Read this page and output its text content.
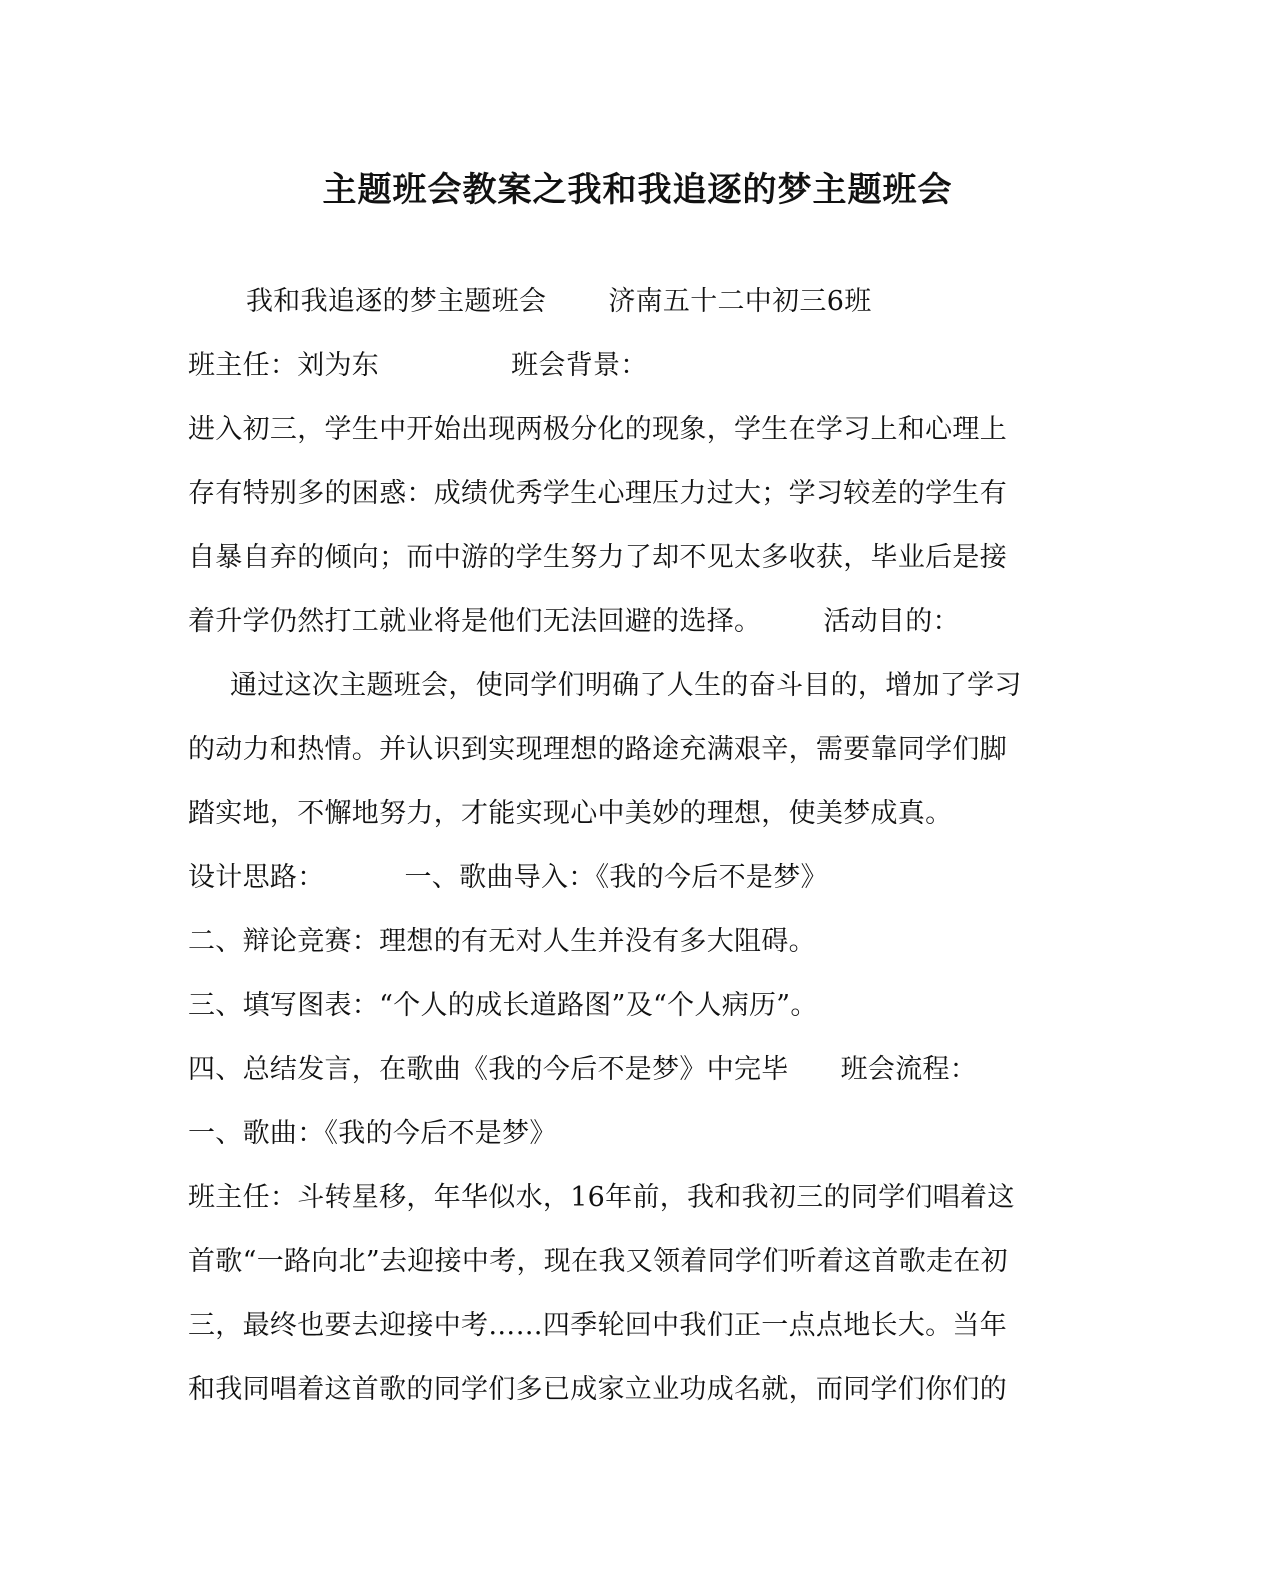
主题班会教案之我和我追逐的梦主题班会
我和我追逐的梦主题班会 济南五十二中初三6班
班主任：刘为东	班会背景：
进入初三，学生中开始出现两极分化的现象，学生在学习上和心理上
存有特别多的困惑：成绩优秀学生心理压力过大；学习较差的学生有
自暴自弃的倾向；而中游的学生努力了却不见太多收获，毕业后是接
着升学仍然打工就业将是他们无法回避的选择。 活动目的：
通过这次主题班会，使同学们明确了人生的奋斗目的，增加了学习
的动力和热情。并认识到实现理想的路途充满艰辛，需要靠同学们脚
踏实地，不懈地努力，才能实现心中美妙的理想，使美梦成真。
设计思路：	一、歌曲导入：《我的今后不是梦》
二、辩论竞赛：理想的有无对人生并没有多大阻碍。
三、填写图表：“个人的成长道路图”及“个人病历”。
四、总结发言，在歌曲《我的今后不是梦》中完毕 班会流程：
一、歌曲：《我的今后不是梦》
班主任：斗转星移，年华似水，16年前，我和我初三的同学们唱着这
首歌“一路向北”去迎接中考，现在我又领着同学们听着这首歌走在初
三，最终也要去迎接中考……四季轮回中我们正一点点地长大。当年
和我同唱着这首歌的同学们多已成家立业功成名就，而同学们你们的
